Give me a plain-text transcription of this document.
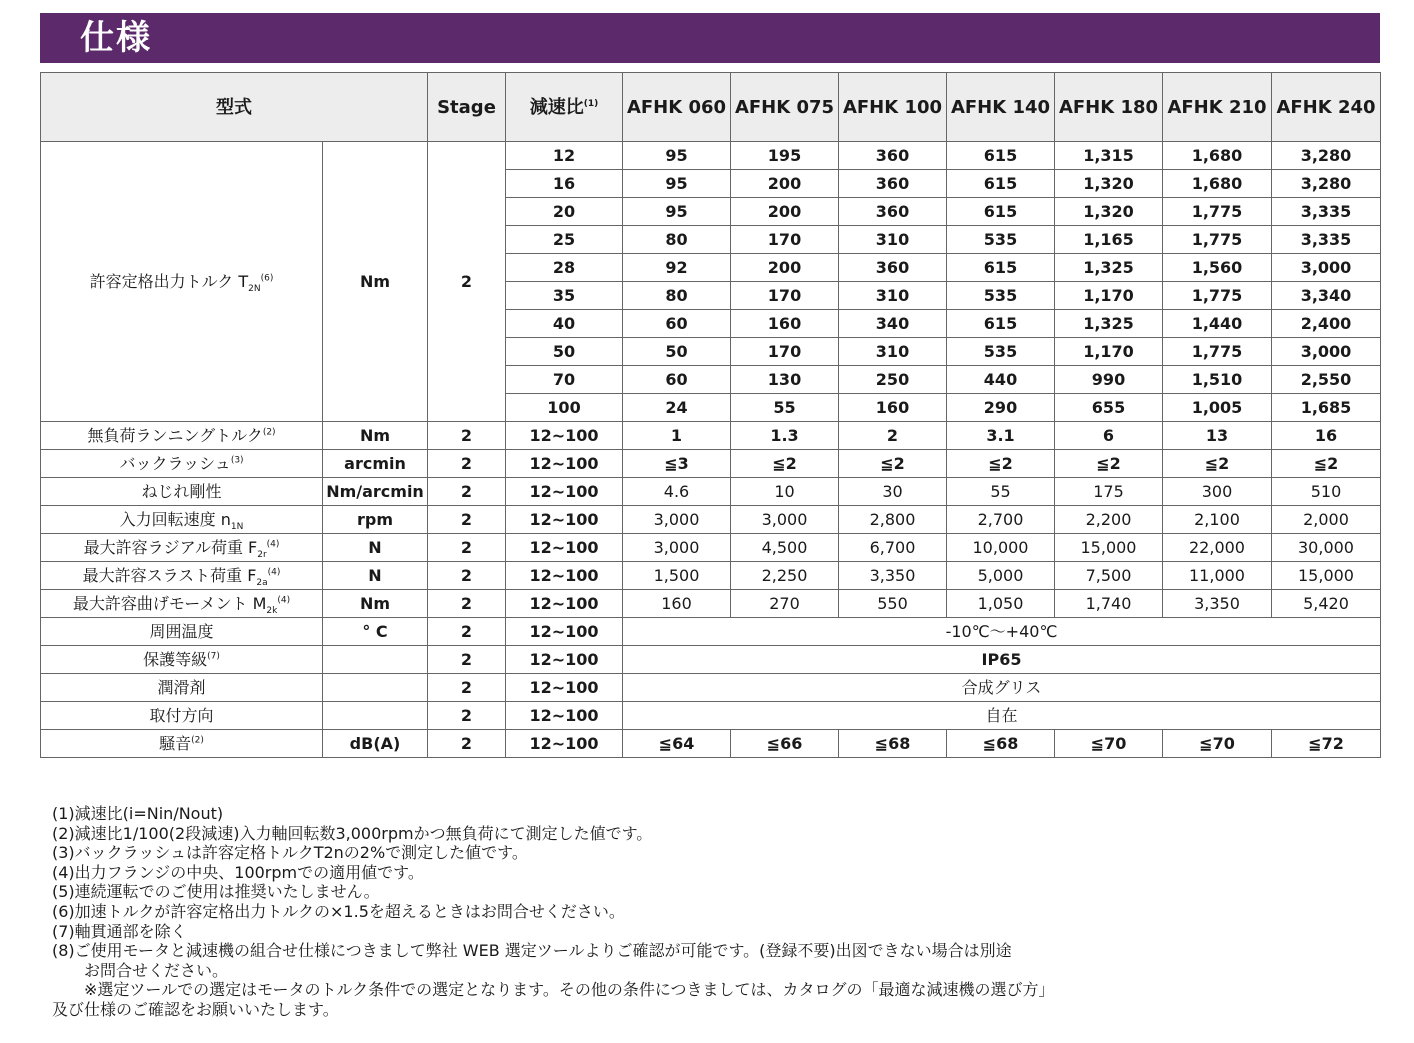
仕様
型式		Stage	減速比$^{(1)}$	AFHK 060	AFHK 075	AFHK 100	AFHK 140	AFHK 180	AFHK 210	AFHK 240
許容定格出力トルク $T_{2N}^{(6)}$	Nm	2	12	95	195	360	615	1,315	1,680	3,280
			16	95	200	360	615	1,320	1,680	3,280
			20	95	200	360	615	1,320	1,775	3,335
			25	80	170	310	535	1,165	1,775	3,335
			28	92	200	360	615	1,325	1,560	3,000
			35	80	170	310	535	1,170	1,775	3,340
			40	60	160	340	615	1,325	1,440	2,400
			50	50	170	310	535	1,170	1,775	3,000
			70	60	130	250	440	990	1,510	2,550
			100	24	55	160	290	655	1,005	1,685
無負荷ランニングトルク$^{(2)}$	Nm	2	12~100	1	1.3	2	3.1	6	13	16
バックラッシュ$^{(3)}$	arcmin	2	12~100	≦3	≦2	≦2	≦2	≦2	≦2	≦2
ねじれ剛性	Nm/arcmin	2	12~100	4.6	10	30	55	175	300	510
入力回転速度 $n_{1N}$	rpm	2	12~100	3,000	3,000	2,800	2,700	2,200	2,100	2,000
最大許容ラジアル荷重 $F_{2r}^{(4)}$	N	2	12~100	3,000	4,500	6,700	10,000	15,000	22,000	30,000
最大許容スラスト荷重 $F_{2a}^{(4)}$	N	2	12~100	1,500	2,250	3,350	5,000	7,500	11,000	15,000
最大許容曲げモーメント $M_{2k}^{(4)}$	Nm	2	12~100	160	270	550	1,050	1,740	3,350	5,420
周囲温度	° C	2	12~100	-10℃～+40℃						
保護等級$^{(7)}$		2	12~100	IP65						
潤滑剤		2	12~100	合成グリス						
取付方向		2	12~100	自在						
騒音$^{(2)}$	dB(A)	2	12~100	≦64	≦66	≦68	≦68	≦70	≦70	≦72
(1)減速比(i=Nin/Nout)
(2)減速比1/100(2段減速)入力軸回転数3,000rpmかつ無負荷にて測定した値です。
(3)バックラッシュは許容定格トルクT2nの2%で測定した値です。
(4)出力フランジの中央、100rpmでの適用値です。
(5)連続運転でのご使用は推奨いたしません。
(6)加速トルクが許容定格出力トルクの×1.5を超えるときはお問合せください。
(7)軸貫通部を除く
(8)ご使用モータと減速機の組合せ仕様につきまして弊社 WEB 選定ツールよりご確認が可能です。(登録不要)出図できない場合は別途
お問合せください。
※選定ツールでの選定はモータのトルク条件での選定となります。その他の条件につきましては、カタログの「最適な減速機の選び方」
及び仕様のご確認をお願いいたします。
